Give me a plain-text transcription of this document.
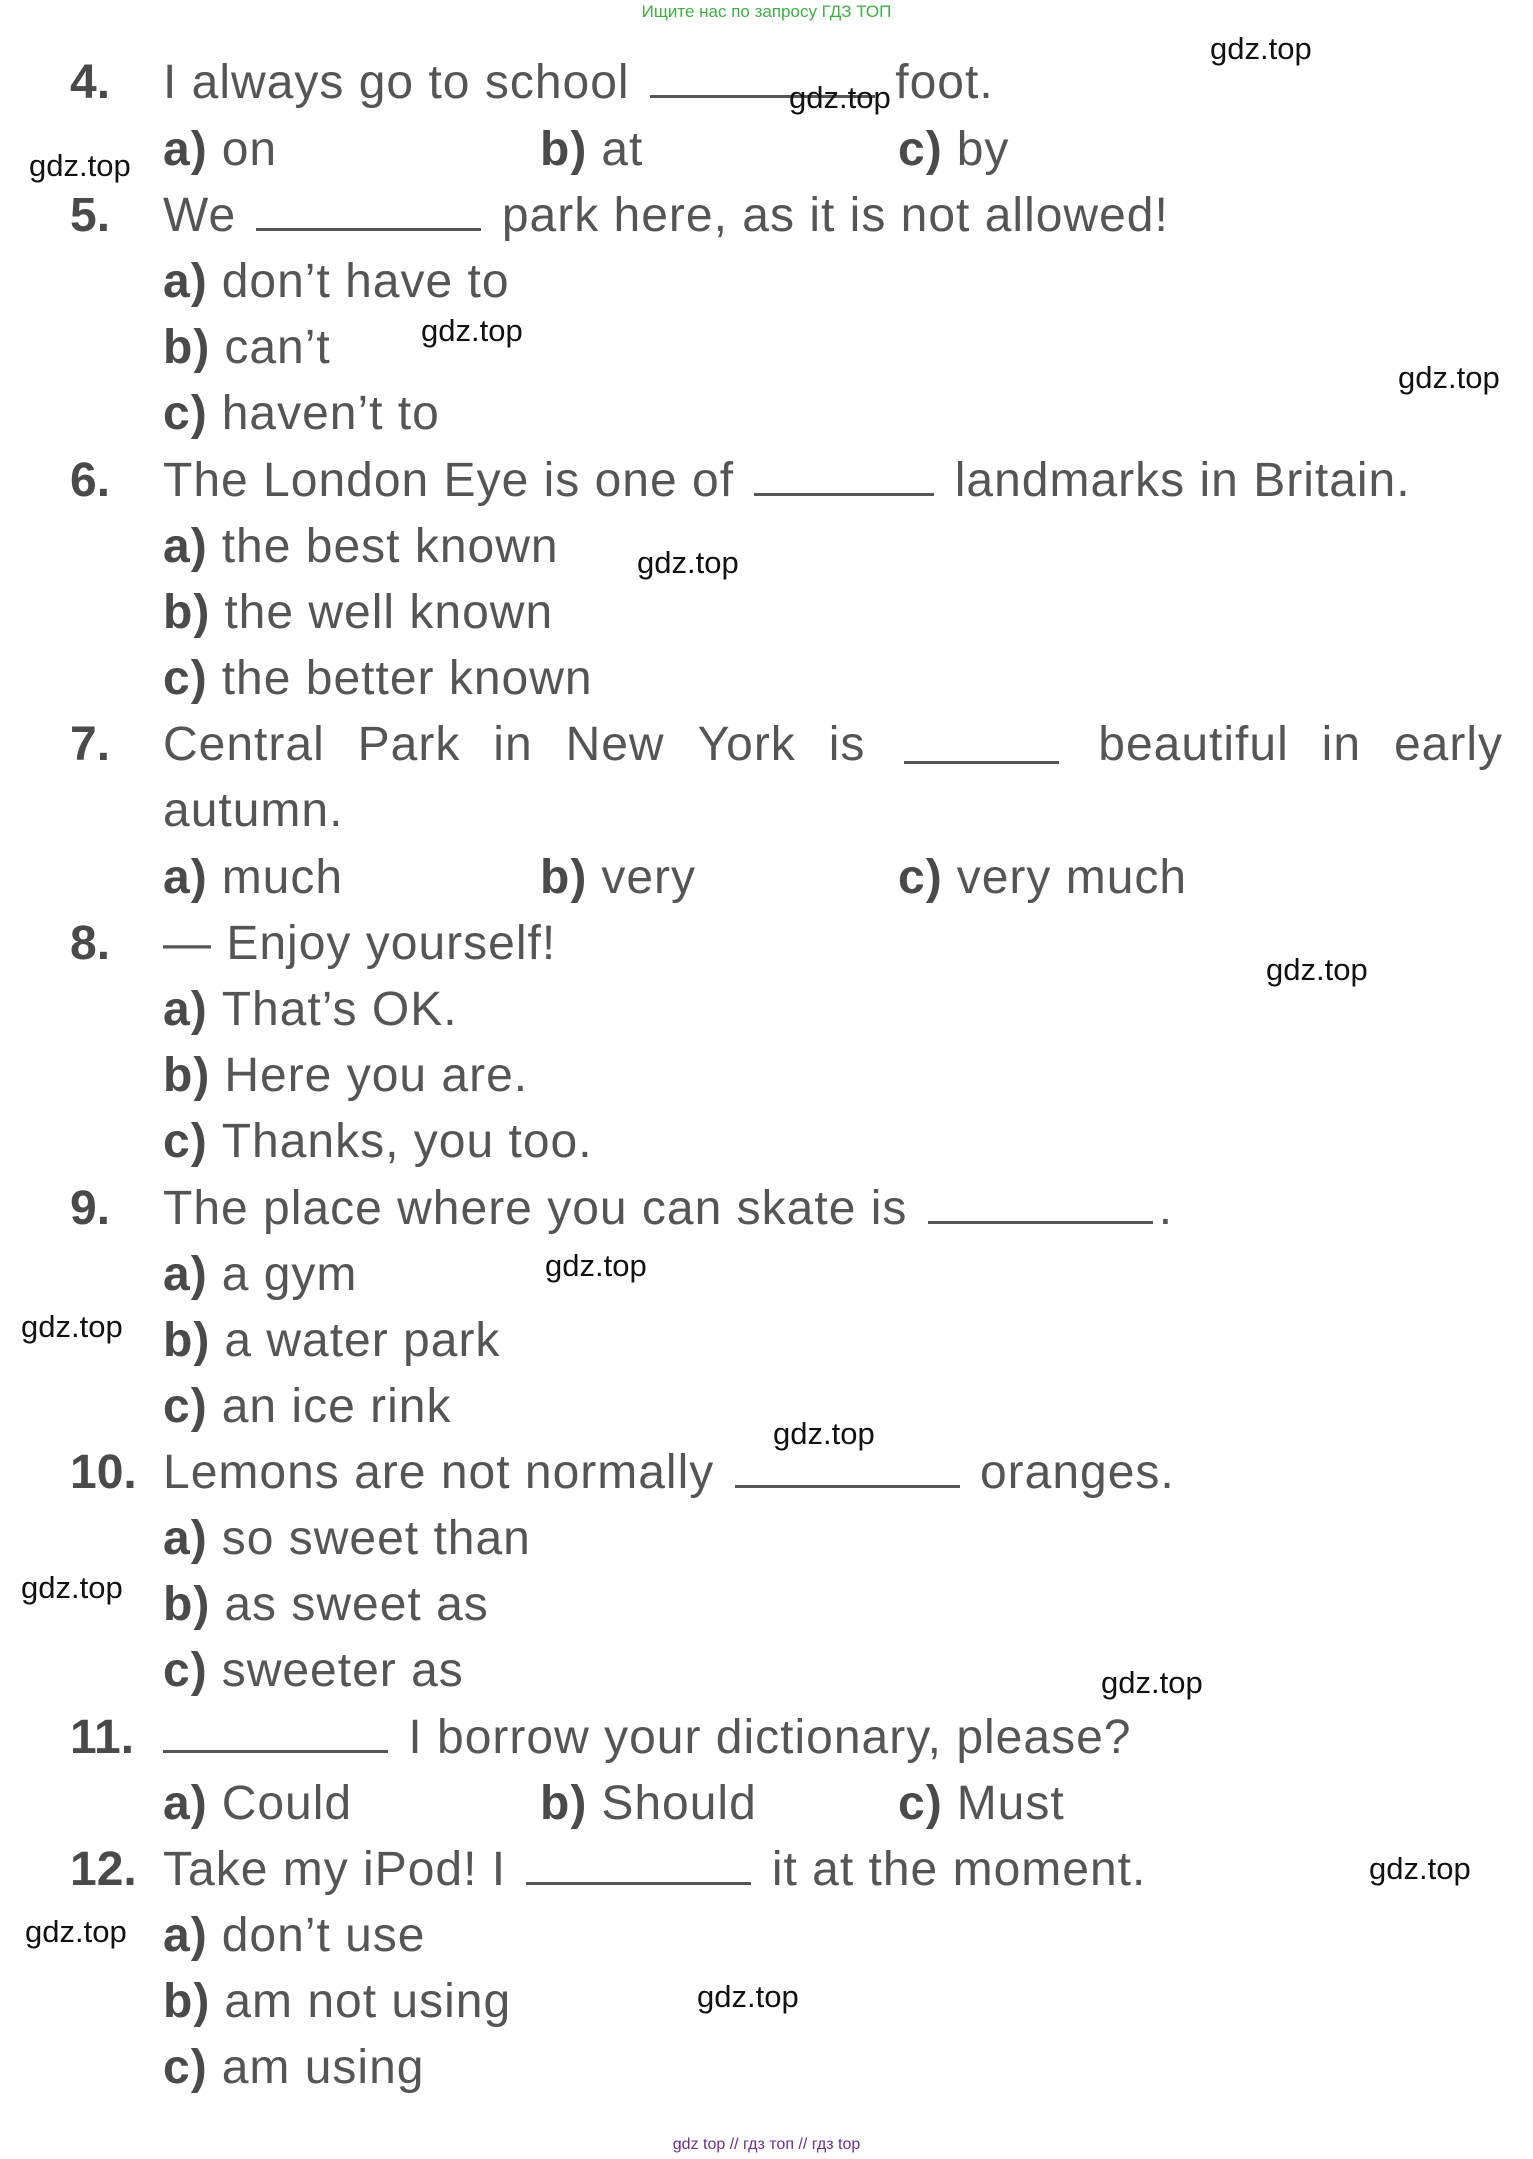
Ищите нас по запросу ГДЗ ТОП
4. I always go to school	foot.
a) on	b) at	c) by
5. We	park here, as it is not allowed!
a) don’t have to
b) can’t
c) haven’t to
6. The London Eye is one of	landmarks in Britain.
a) the best known
b) the well known
c) the better known
7. Central Park in New York is	beautiful in early
autumn.
a) much	b) very	c) very much
8. — Enjoy yourself!
a) That’s OK.
b) Here you are.
c) Thanks, you too.
9. The place where you can skate is	.
a) a gym
b) a water park
c) an ice rink
10. Lemons are not normally	oranges.
a) so sweet than
b) as sweet as
c) sweeter as
11.	I borrow your dictionary, please?
a) Could	b) Should	c) Must
12. Take my iPod! I	it at the moment.
a) don’t use
b) am not using
c) am using
gdz.top
gdz.top
gdz.top
gdz.top
gdz.top
gdz.top
gdz.top
gdz.top
gdz.top
gdz.top
gdz.top
gdz.top
gdz.top
gdz.top
gdz.top
gdz top // гдз топ // гдз top
